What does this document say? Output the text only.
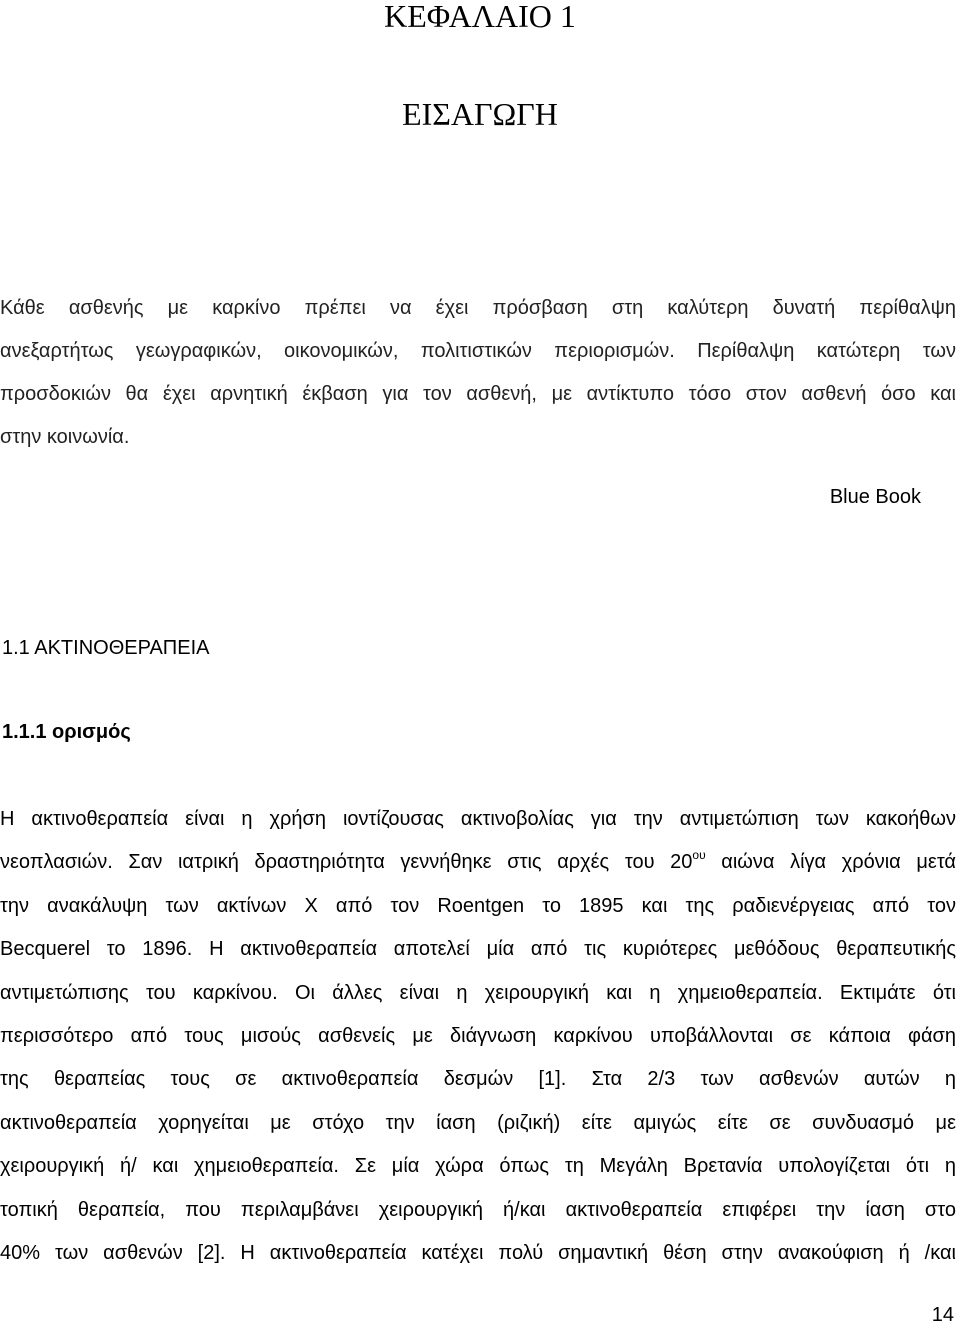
ΚΕΦΑΛΑΙΟ 1
ΕΙΣΑΓΩΓΗ
Κάθε ασθενής με καρκίνο πρέπει να έχει πρόσβαση στη καλύτερη δυνατή περίθαλψη
ανεξαρτήτως γεωγραφικών, οικονομικών, πολιτιστικών περιορισμών. Περίθαλψη κατώτερη των
προσδοκιών θα έχει αρνητική έκβαση για τον ασθενή, με αντίκτυπο τόσο στον ασθενή όσο και
στην κοινωνία.

Blue Book

1.1 ΑΚΤΙΝΟΘΕΡΑΠΕΙΑ
1.1.1 ορισμός
Η ακτινοθεραπεία είναι η χρήση ιοντίζουσας ακτινοβολίας για την αντιμετώπιση των κακοήθων
νεοπλασιών. Σαν ιατρική δραστηριότητα γεννήθηκε στις αρχές του $20^{o\upsilon}$ αιώνα λίγα χρόνια μετά
την ανακάλυψη των ακτίνων Χ από τον Roentgen το 1895 και της ραδιενέργειας από τον
Becquerel το 1896. Η ακτινοθεραπεία αποτελεί μία από τις κυριότερες μεθόδους θεραπευτικής
αντιμετώπισης του καρκίνου. Οι άλλες είναι η χειρουργική και η χημειοθεραπεία. Εκτιμάτε ότι
περισσότερο από τους μισούς ασθενείς με διάγνωση καρκίνου υποβάλλονται σε κάποια φάση
της θεραπείας τους σε ακτινοθεραπεία δεσμών [1]. Στα 2/3 των ασθενών αυτών η
ακτινοθεραπεία χορηγείται με στόχο την ίαση (ριζική) είτε αμιγώς είτε σε συνδυασμό με
χειρουργική ή/ και χημειοθεραπεία. Σε μία χώρα όπως τη Μεγάλη Βρετανία υπολογίζεται ότι η
τοπική θεραπεία, που περιλαμβάνει χειρουργική ή/και ακτινοθεραπεία επιφέρει την ίαση στο
40% των ασθενών [2]. Η ακτινοθεραπεία κατέχει πολύ σημαντική θέση στην ανακούφιση ή /και

14
